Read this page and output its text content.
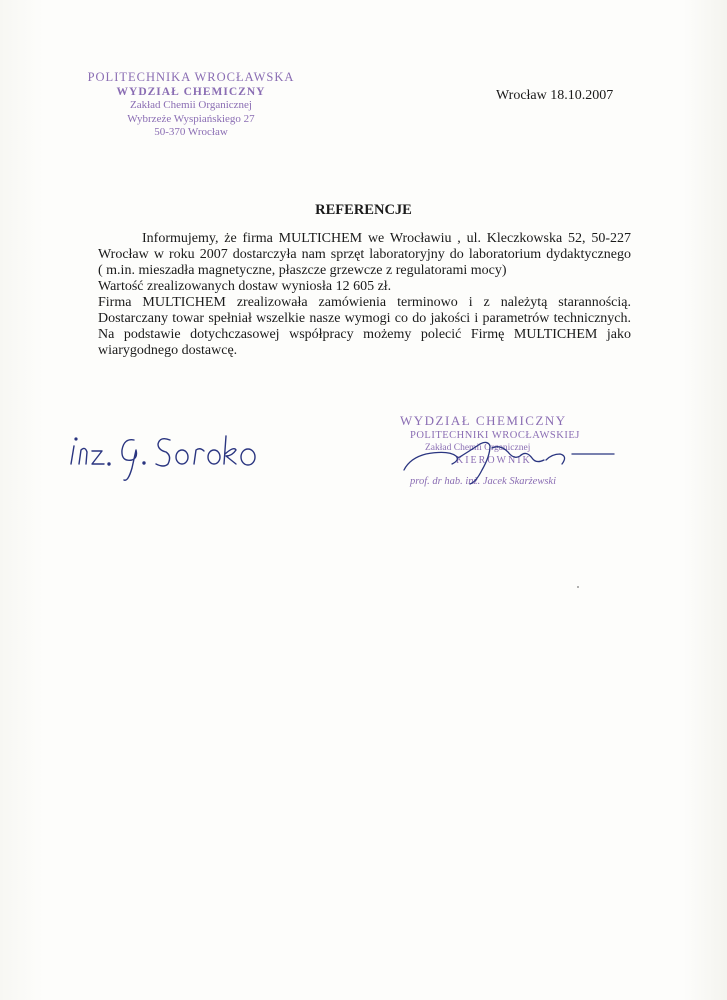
POLITECHNIKA WROCŁAWSKA
WYDZIAŁ CHEMICZNY
Zakład Chemii Organicznej
Wybrzeże Wyspiańskiego 27
50-370 Wrocław
Wrocław 18.10.2007
REFERENCJE
Informujemy, że firma MULTICHEM we Wrocławiu , ul. Kleczkowska 52, 50-227
Wrocław w roku 2007 dostarczyła nam sprzęt laboratoryjny do laboratorium dydaktycznego
( m.in. mieszadła magnetyczne, płaszcze grzewcze z regulatorami mocy)
Wartość zrealizowanych dostaw wyniosła 12 605 zł.
Firma MULTICHEM zrealizowała zamówienia terminowo i z należytą starannością.
Dostarczany towar spełniał wszelkie nasze wymogi co do jakości i parametrów technicznych.
Na podstawie dotychczasowej współpracy możemy polecić Firmę MULTICHEM jako
wiarygodnego dostawcę.
WYDZIAŁ CHEMICZNY
POLITECHNIKI WROCŁAWSKIEJ
Zakład Chemii Organicznej
KIEROWNIK
prof. dr hab. inż. Jacek Skarżewski
